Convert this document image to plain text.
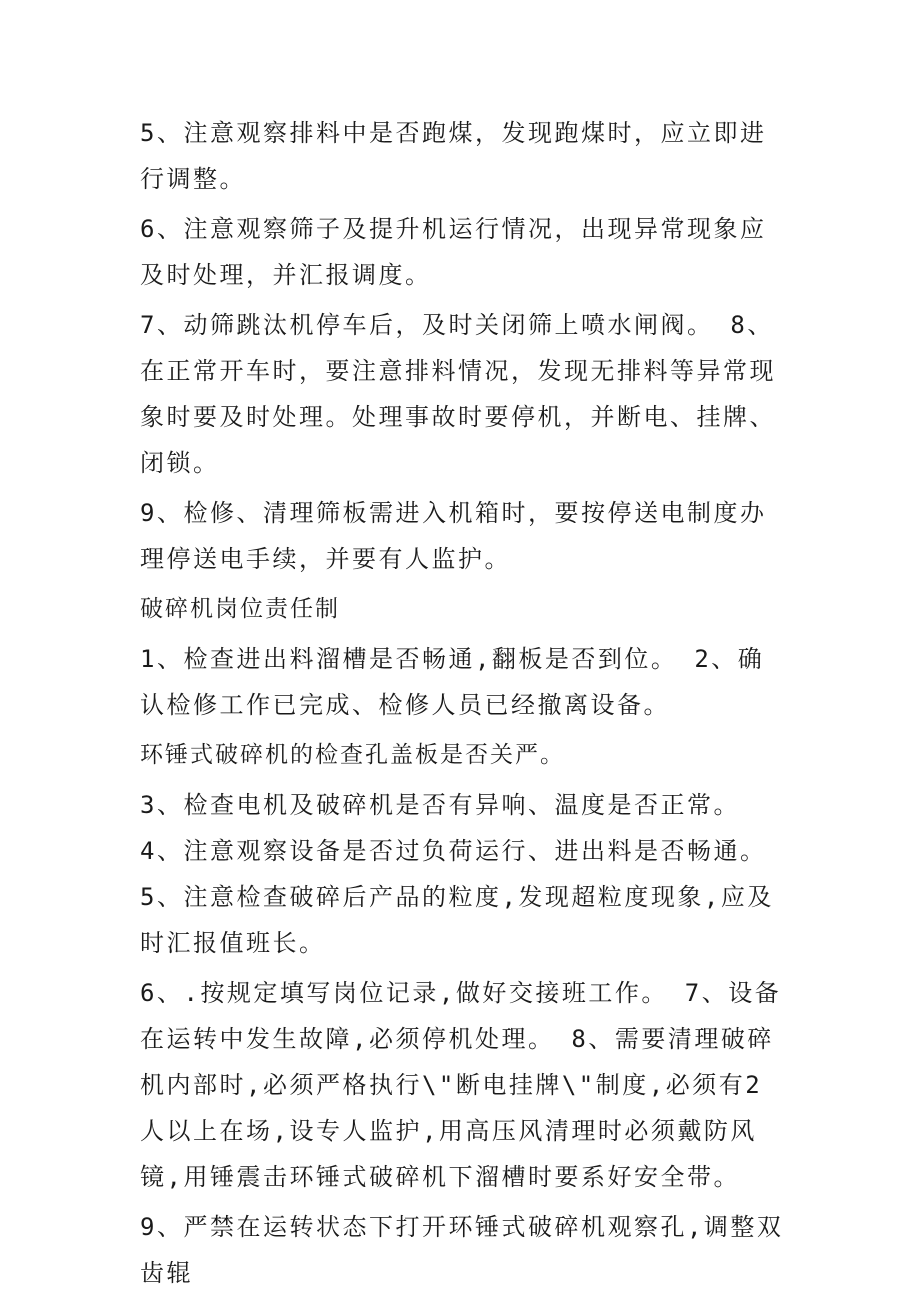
5、注意观察排料中是否跑煤，发现跑煤时，应立即进行调整。

6、注意观察筛子及提升机运行情况，出现异常现象应及时处理，并汇报调度。

7、动筛跳汰机停车后，及时关闭筛上喷水闸阀。 8、在正常开车时，要注意排料情况，发现无排料等异常现象时要及时处理。处理事故时要停机，并断电、挂牌、闭锁。

9、检修、清理筛板需进入机箱时，要按停送电制度办理停送电手续，并要有人监护。

破碎机岗位责任制

1、检查进出料溜槽是否畅通,翻板是否到位。 2、确认检修工作已完成、检修人员已经撤离设备。

环锤式破碎机的检查孔盖板是否关严。

3、检查电机及破碎机是否有异响、温度是否正常。 4、注意观察设备是否过负荷运行、进出料是否畅通。 5、注意检查破碎后产品的粒度,发现超粒度现象,应及时汇报值班长。

6、.按规定填写岗位记录,做好交接班工作。 7、设备在运转中发生故障,必须停机处理。 8、需要清理破碎机内部时,必须严格执行\"断电挂牌\"制度,必须有2人以上在场,设专人监护,用高压风清理时必须戴防风镜,用锤震击环锤式破碎机下溜槽时要系好安全带。

9、严禁在运转状态下打开环锤式破碎机观察孔,调整双齿辊
